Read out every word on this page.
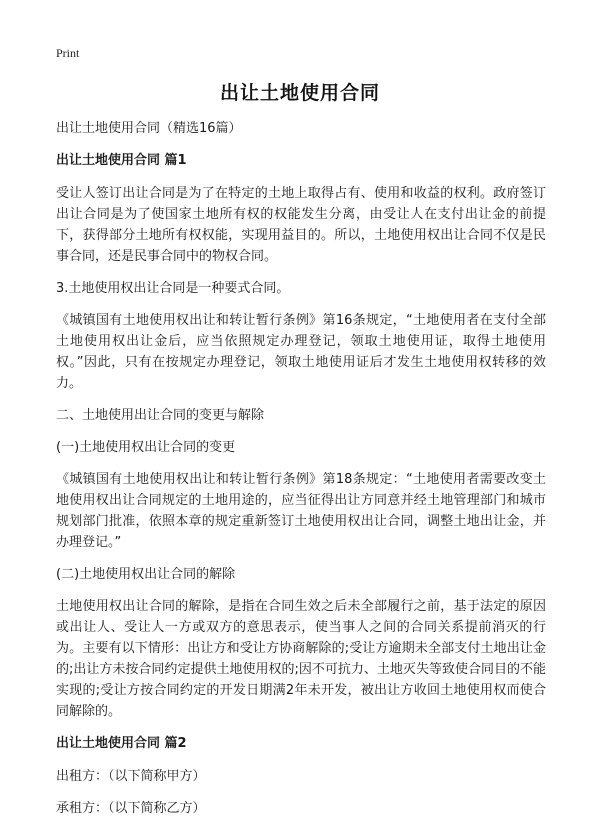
Print
出让土地使用合同

出让土地使用合同（精选16篇）

出让土地使用合同 篇1

受让人签订出让合同是为了在特定的土地上取得占有、使用和收益的权利。政府签订出让合同是为了使国家土地所有权的权能发生分离，由受让人在支付出让金的前提下，获得部分土地所有权权能，实现用益目的。所以，土地使用权出让合同不仅是民事合同，还是民事合同中的物权合同。

3.土地使用权出让合同是一种要式合同。

《城镇国有土地使用权出让和转让暂行条例》第16条规定，“土地使用者在支付全部土地使用权出让金后，应当依照规定办理登记，领取土地使用证，取得土地使用权。”因此，只有在按规定办理登记，领取土地使用证后才发生土地使用权转移的效力。

二、土地使用出让合同的变更与解除

(一)土地使用权出让合同的变更

《城镇国有土地使用权出让和转让暂行条例》第18条规定：“土地使用者需要改变土地使用权出让合同规定的土地用途的，应当征得出让方同意并经土地管理部门和城市规划部门批准，依照本章的规定重新签订土地使用权出让合同，调整土地出让金，并办理登记。”

(二)土地使用权出让合同的解除

土地使用权出让合同的解除，是指在合同生效之后未全部履行之前，基于法定的原因或出让人、受让人一方或双方的意思表示，使当事人之间的合同关系提前消灭的行为。主要有以下情形：出让方和受让方协商解除的;受让方逾期未全部支付土地出让金的;出让方未按合同约定提供土地使用权的;因不可抗力、土地灭失等致使合同目的不能实现的;受让方按合同约定的开发日期满2年未开发，被出让方收回土地使用权而使合同解除的。

出让土地使用合同 篇2

出租方：（以下简称甲方）

承租方：（以下简称乙方）
